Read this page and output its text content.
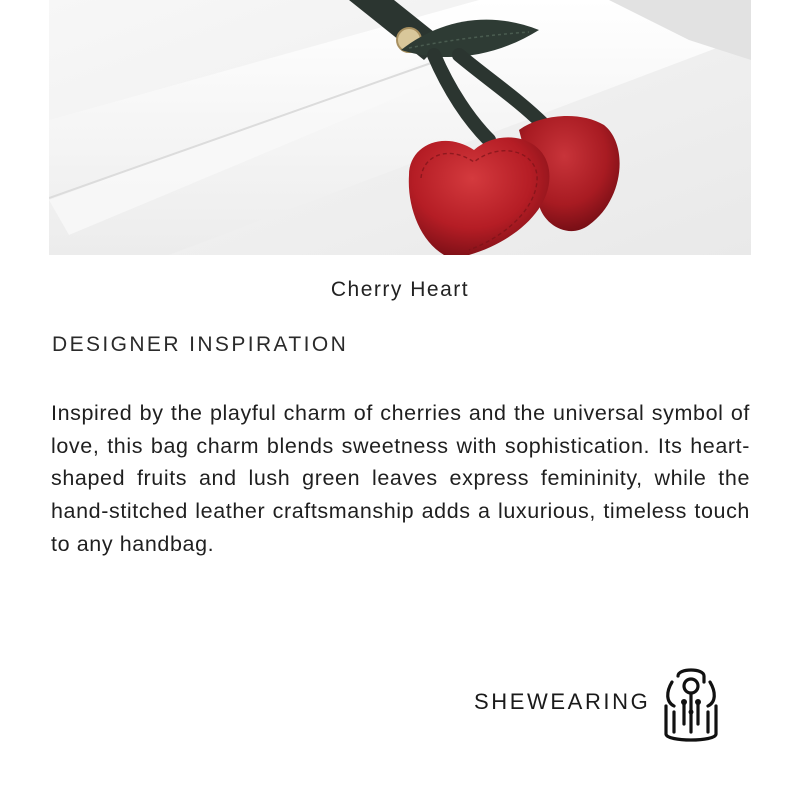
Cherry Heart
DESIGNER INSPIRATION

Inspired by the playful charm of cherries and the universal symbol of love, this bag charm blends sweetness with sophistication. Its heart-shaped fruits and lush green leaves express femininity, while the hand-stitched leather craftsmanship adds a luxurious, timeless touch to any handbag.

SHEWEARING
